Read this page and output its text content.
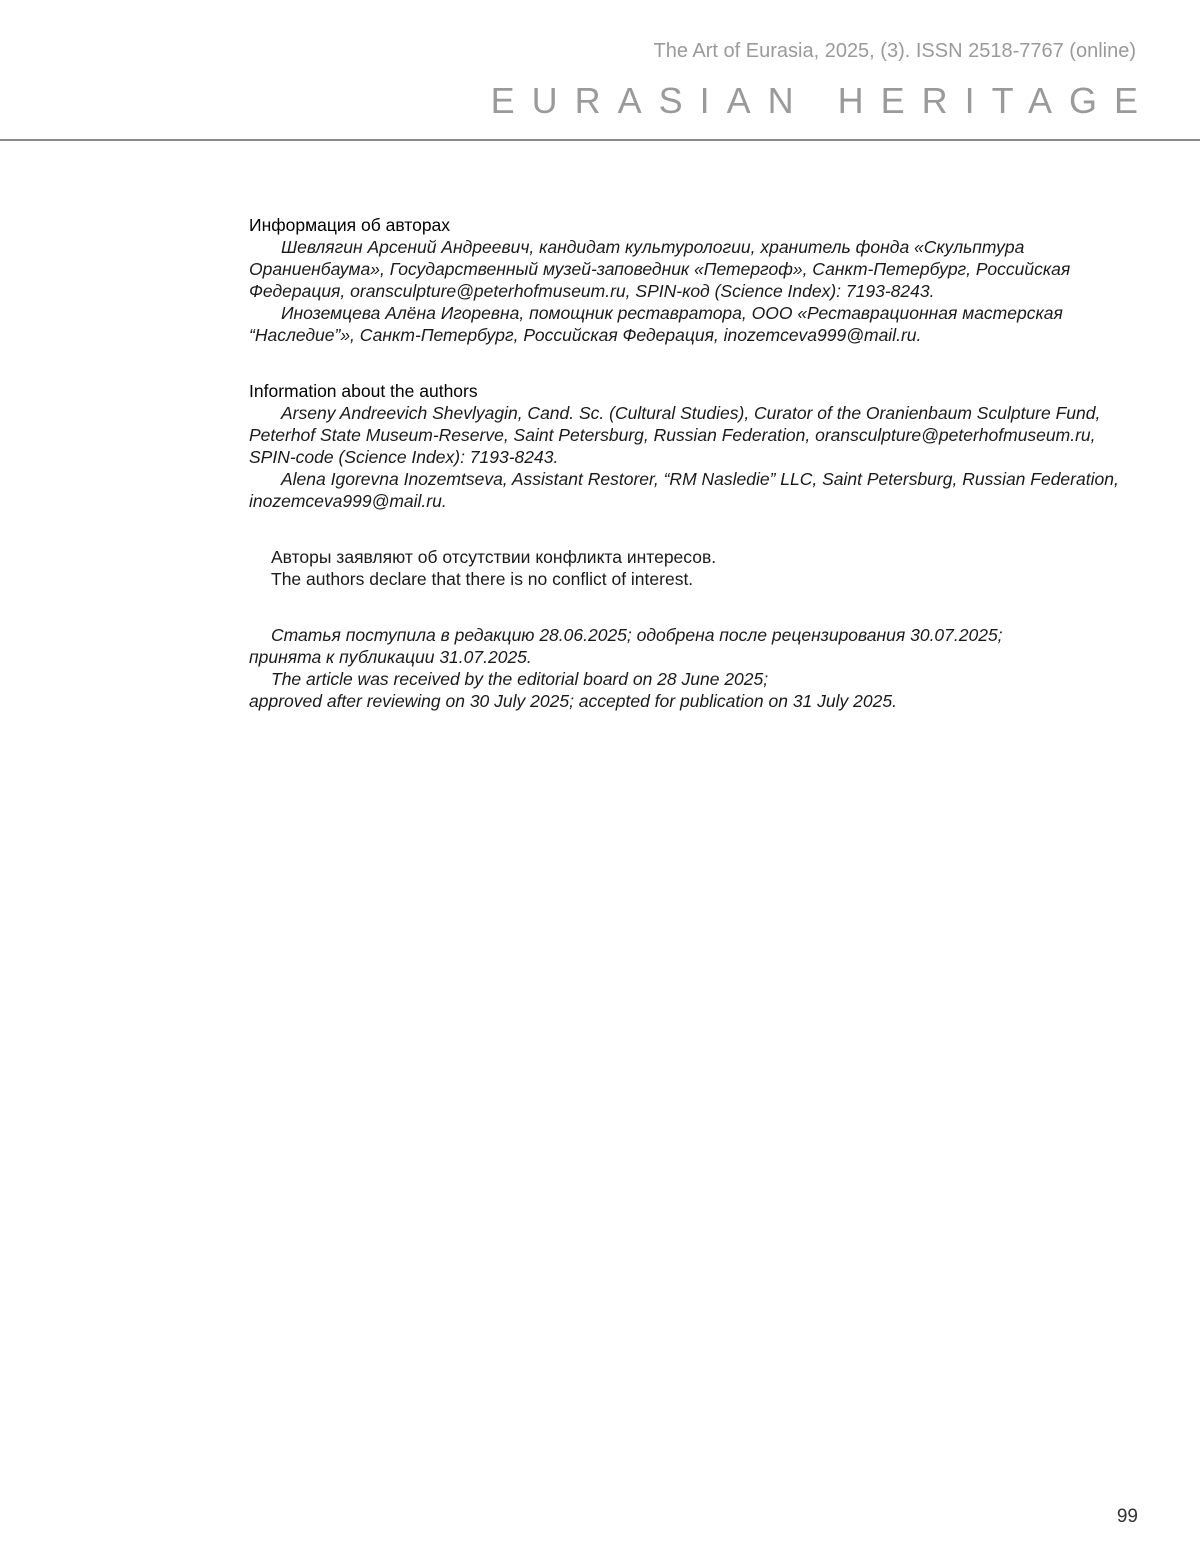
The Art of Eurasia, 2025, (3). ISSN 2518-7767 (online)
EURASIAN HERITAGE
Информация об авторах

Шевлягин Арсений Андреевич, кандидат культурологии, хранитель фонда «Скульптура Ораниенбаума», Государственный музей-заповедник «Петергоф», Санкт-Петербург, Российская Федерация, oransculpture@peterhofmuseum.ru, SPIN-код (Science Index): 7193-8243.

Иноземцева Алёна Игоревна, помощник реставратора, ООО «Реставрационная мастерская “Наследие”», Санкт-Петербург, Российская Федерация, inozemceva999@mail.ru.

Information about the authors

Arseny Andreevich Shevlyagin, Cand. Sc. (Cultural Studies), Curator of the Oranienbaum Sculpture Fund, Peterhof State Museum-Reserve, Saint Petersburg, Russian Federation, oransculpture@peterhofmuseum.ru, SPIN-code (Science Index): 7193-8243.

Alena Igorevna Inozemtseva, Assistant Restorer, “RM Nasledie” LLC, Saint Petersburg, Russian Federation, inozemceva999@mail.ru.

Авторы заявляют об отсутствии конфликта интересов.

The authors declare that there is no conflict of interest.

Статья поступила в редакцию 28.06.2025; одобрена после рецензирования 30.07.2025;

принята к публикации 31.07.2025.

The article was received by the editorial board on 28 June 2025;

approved after reviewing on 30 July 2025; accepted for publication on 31 July 2025.

99
